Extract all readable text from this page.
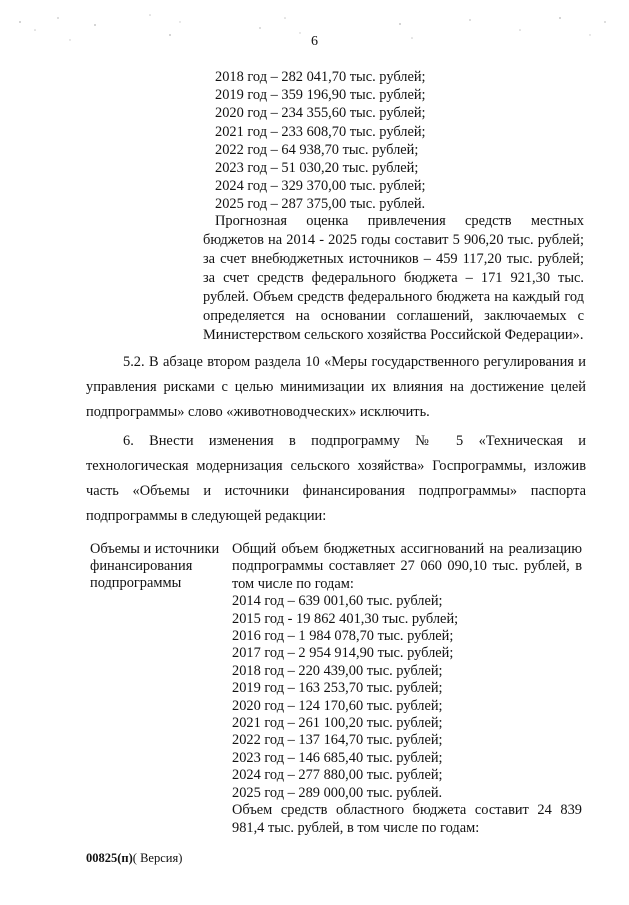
6
2018 год – 282 041,70 тыс. рублей;
2019 год – 359 196,90 тыс. рублей;
2020 год – 234 355,60 тыс. рублей;
2021 год – 233 608,70 тыс. рублей;
2022 год – 64 938,70 тыс. рублей;
2023 год – 51 030,20 тыс. рублей;
2024 год – 329 370,00 тыс. рублей;
2025 год – 287 375,00 тыс. рублей.
Прогнозная оценка привлечения средств местных бюджетов на 2014 - 2025 годы составит 5 906,20 тыс. рублей; за счет внебюджетных источников – 459 117,20 тыс. рублей; за счет средств федерального бюджета – 171 921,30 тыс. рублей. Объем средств федерального бюджета на каждый год определяется на основании соглашений, заключаемых с Министерством сельского хозяйства Российской Федерации».
5.2. В абзаце втором раздела 10 «Меры государственного регулирования и управления рисками с целью минимизации их влияния на достижение целей подпрограммы» слово «животноводческих» исключить.
6. Внести изменения в подпрограмму № 5 «Техническая и технологическая модернизация сельского хозяйства» Госпрограммы, изложив часть «Объемы и источники финансирования подпрограммы» паспорта подпрограммы в следующей редакции:
Объемы и источники финансирования подпрограммы
Общий объем бюджетных ассигнований на реализацию подпрограммы составляет 27 060 090,10 тыс. рублей, в том числе по годам:
2014 год – 639 001,60 тыс. рублей;
2015 год - 19 862 401,30 тыс. рублей;
2016 год – 1 984 078,70 тыс. рублей;
2017 год – 2 954 914,90 тыс. рублей;
2018 год – 220 439,00 тыс. рублей;
2019 год – 163 253,70 тыс. рублей;
2020 год – 124 170,60 тыс. рублей;
2021 год – 261 100,20 тыс. рублей;
2022 год – 137 164,70 тыс. рублей;
2023 год – 146 685,40 тыс. рублей;
2024 год – 277 880,00 тыс. рублей;
2025 год – 289 000,00 тыс. рублей.
Объем средств областного бюджета составит 24 839 981,4 тыс. рублей, в том числе по годам:
00825(п)( Версия)
